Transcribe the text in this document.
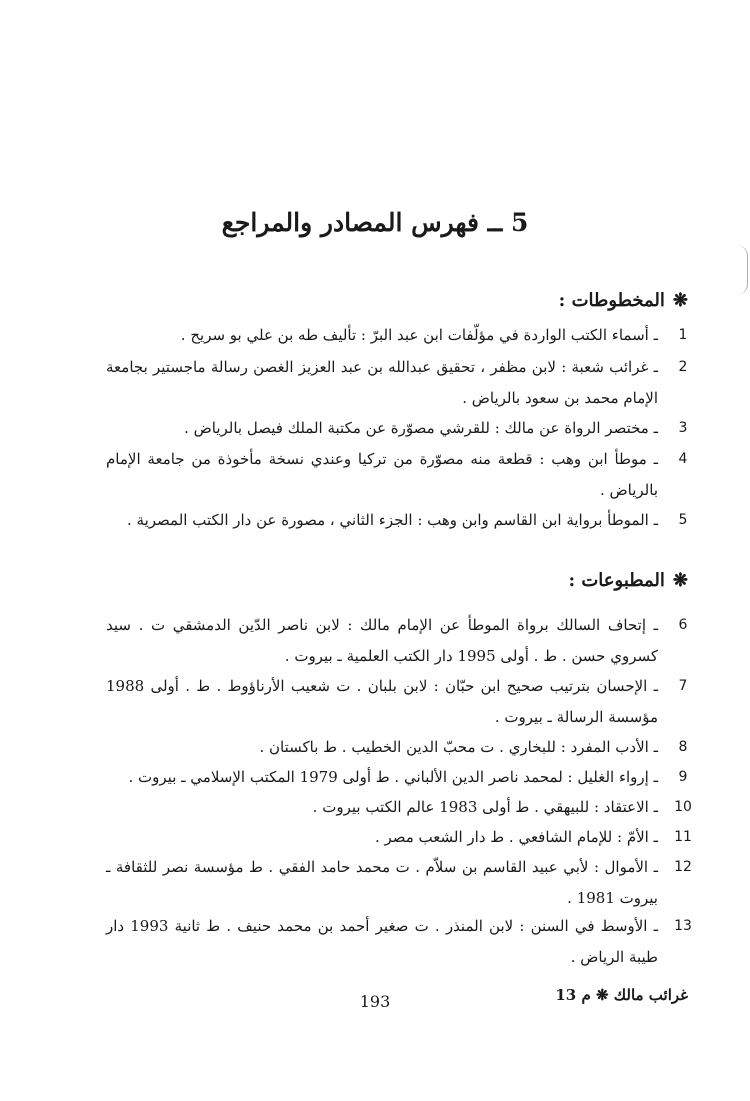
5 ــ فهرس المصادر والمراجع
❋المخطوطات :
1
ـ أسماء الكتب الواردة في مؤلّفات ابن عبد البرّ : تأليف طه بن علي بو سريح .
2
ـ غرائب شعبة : لابن مظفر ، تحقيق عبدالله بن عبد العزيز الغصن رسالة ماجستير بجامعة الإمام محمد بن سعود بالرياض .
3
ـ مختصر الرواة عن مالك : للقرشي مصوّرة عن مكتبة الملك فيصل بالرياض .
4
ـ موطأ ابن وهب : قطعة منه مصوّرة من تركيا وعندي نسخة مأخوذة من جامعة الإمام بالرياض .
5
ـ الموطأ برواية ابن القاسم وابن وهب : الجزء الثاني ، مصورة عن دار الكتب المصرية .
❋المطبوعات :
6
ـ إتحاف السالك برواة الموطأ عن الإمام مالك : لابن ناصر الدّين الدمشقي ت . سيد كسروي حسن . ط . أولى 1995 دار الكتب العلمية ـ بيروت .
7
ـ الإحسان بترتيب صحيح ابن حبّان : لابن بلبان . ت شعيب الأرناؤوط . ط . أولى 1988 مؤسسة الرسالة ـ بيروت .
8
ـ الأدب المفرد : للبخاري . ت محبّ الدين الخطيب . ط باكستان .
9
ـ إرواء الغليل : لمحمد ناصر الدين الألباني . ط أولى 1979 المكتب الإسلامي ـ بيروت .
10
ـ الاعتقاد : للبيهقي . ط أولى 1983 عالم الكتب بيروت .
11
ـ الأمّ : للإمام الشافعي . ط دار الشعب مصر .
12
ـ الأموال : لأبي عبيد القاسم بن سلاّم . ت محمد حامد الفقي . ط مؤسسة نصر للثقافة ـ بيروت 1981 .
13
ـ الأوسط في السنن : لابن المنذر . ت صغير أحمد بن محمد حنيف . ط ثانية 1993 دار طيبة الرياض .
193	غرائب مالك ❋ م 13
